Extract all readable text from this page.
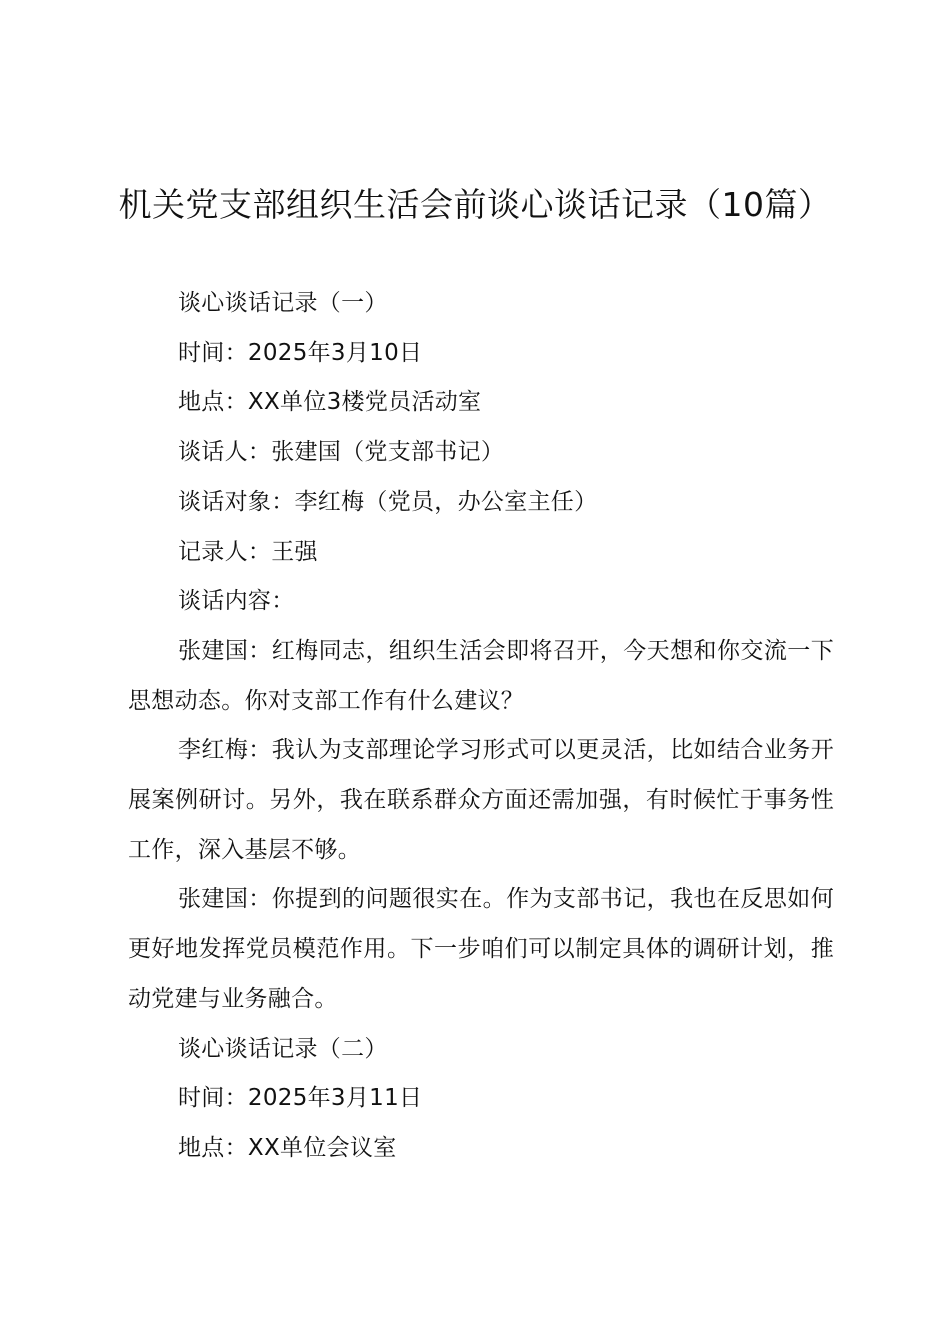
机关党支部组织生活会前谈心谈话记录（10篇）

谈心谈话记录（一）

时间：2025年3月10日

地点：XX单位3楼党员活动室

谈话人：张建国（党支部书记）

谈话对象：李红梅（党员，办公室主任）

记录人：王强

谈话内容：

张建国：红梅同志，组织生活会即将召开，今天想和你交流一下思想动态。你对支部工作有什么建议？

李红梅：我认为支部理论学习形式可以更灵活，比如结合业务开展案例研讨。另外，我在联系群众方面还需加强，有时候忙于事务性工作，深入基层不够。

张建国：你提到的问题很实在。作为支部书记，我也在反思如何更好地发挥党员模范作用。下一步咱们可以制定具体的调研计划，推动党建与业务融合。

谈心谈话记录（二）

时间：2025年3月11日

地点：XX单位会议室
